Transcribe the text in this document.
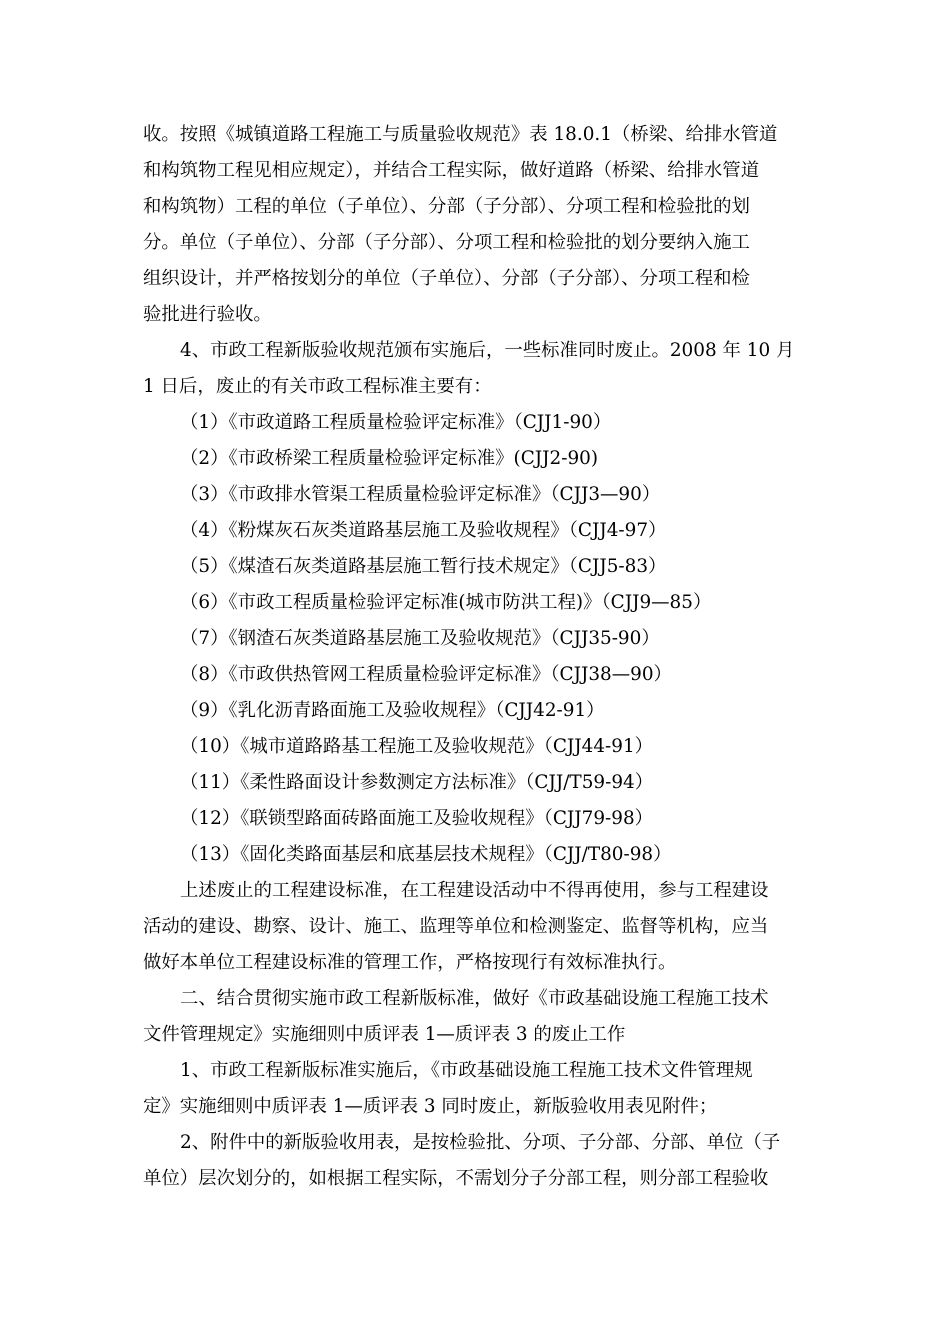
收。按照《城镇道路工程施工与质量验收规范》表 18.0.1（桥梁、给排水管道
和构筑物工程见相应规定），并结合工程实际，做好道路（桥梁、给排水管道
和构筑物）工程的单位（子单位）、分部（子分部）、分项工程和检验批的划
分。单位（子单位）、分部（子分部）、分项工程和检验批的划分要纳入施工
组织设计，并严格按划分的单位（子单位）、分部（子分部）、分项工程和检
验批进行验收。
4、市政工程新版验收规范颁布实施后，一些标准同时废止。2008 年 10 月
1 日后，废止的有关市政工程标准主要有：
（1）《市政道路工程质量检验评定标准》（CJJ1-90）
（2）《市政桥梁工程质量检验评定标准》(CJJ2-90)
（3）《市政排水管渠工程质量检验评定标准》（CJJ3—90）
（4）《粉煤灰石灰类道路基层施工及验收规程》（CJJ4-97）
（5）《煤渣石灰类道路基层施工暂行技术规定》（CJJ5-83）
（6）《市政工程质量检验评定标准(城市防洪工程)》（CJJ9—85）
（7）《钢渣石灰类道路基层施工及验收规范》（CJJ35-90）
（8）《市政供热管网工程质量检验评定标准》（CJJ38—90）
（9）《乳化沥青路面施工及验收规程》（CJJ42-91）
（10）《城市道路路基工程施工及验收规范》（CJJ44-91）
（11）《柔性路面设计参数测定方法标准》（CJJ/T59-94）
（12）《联锁型路面砖路面施工及验收规程》（CJJ79-98）
（13）《固化类路面基层和底基层技术规程》（CJJ/T80-98）
上述废止的工程建设标准，在工程建设活动中不得再使用，参与工程建设
活动的建设、勘察、设计、施工、监理等单位和检测鉴定、监督等机构，应当
做好本单位工程建设标准的管理工作，严格按现行有效标准执行。
二、结合贯彻实施市政工程新版标准，做好《市政基础设施工程施工技术
文件管理规定》实施细则中质评表 1—质评表 3 的废止工作
1、市政工程新版标准实施后，《市政基础设施工程施工技术文件管理规
定》实施细则中质评表 1—质评表 3 同时废止，新版验收用表见附件；
2、附件中的新版验收用表，是按检验批、分项、子分部、分部、单位（子
单位）层次划分的，如根据工程实际，不需划分子分部工程，则分部工程验收
